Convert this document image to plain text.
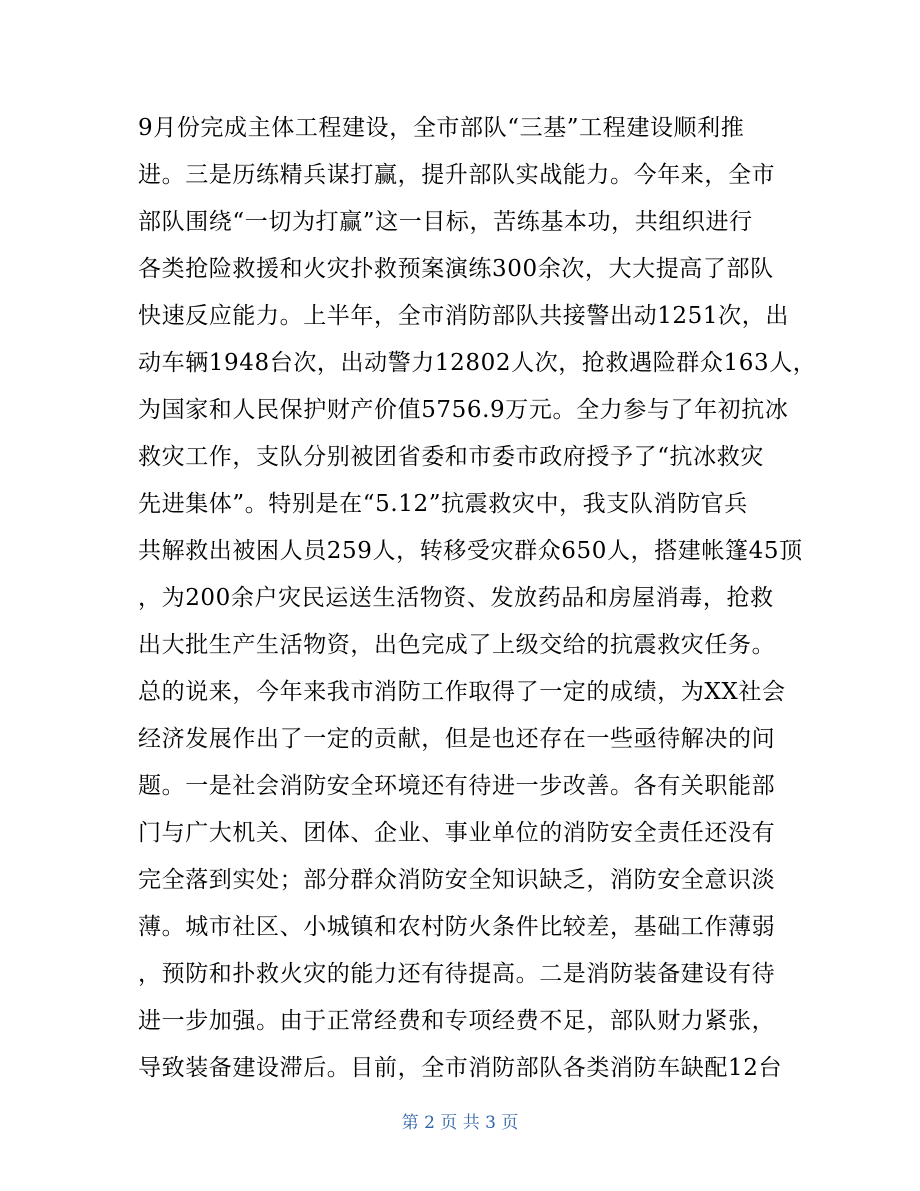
9月份完成主体工程建设，全市部队“三基”工程建设顺利推
进。三是历练精兵谋打赢，提升部队实战能力。今年来，全市
部队围绕“一切为打赢”这一目标，苦练基本功，共组织进行
各类抢险救援和火灾扑救预案演练300余次，大大提高了部队
快速反应能力。上半年，全市消防部队共接警出动1251次，出
动车辆1948台次，出动警力12802人次，抢救遇险群众163人，
为国家和人民保护财产价值5756.9万元。全力参与了年初抗冰
救灾工作，支队分别被团省委和市委市政府授予了“抗冰救灾
先进集体”。特别是在“5.12”抗震救灾中，我支队消防官兵
共解救出被困人员259人，转移受灾群众650人，搭建帐篷45顶
，为200余户灾民运送生活物资、发放药品和房屋消毒，抢救
出大批生产生活物资，出色完成了上级交给的抗震救灾任务。
总的说来，今年来我市消防工作取得了一定的成绩，为XX社会
经济发展作出了一定的贡献，但是也还存在一些亟待解决的问
题。一是社会消防安全环境还有待进一步改善。各有关职能部
门与广大机关、团体、企业、事业单位的消防安全责任还没有
完全落到实处；部分群众消防安全知识缺乏，消防安全意识淡
薄。城市社区、小城镇和农村防火条件比较差，基础工作薄弱
，预防和扑救火灾的能力还有待提高。二是消防装备建设有待
进一步加强。由于正常经费和专项经费不足，部队财力紧张，
导致装备建设滞后。目前，全市消防部队各类消防车缺配12台
第 2 页 共 3 页
